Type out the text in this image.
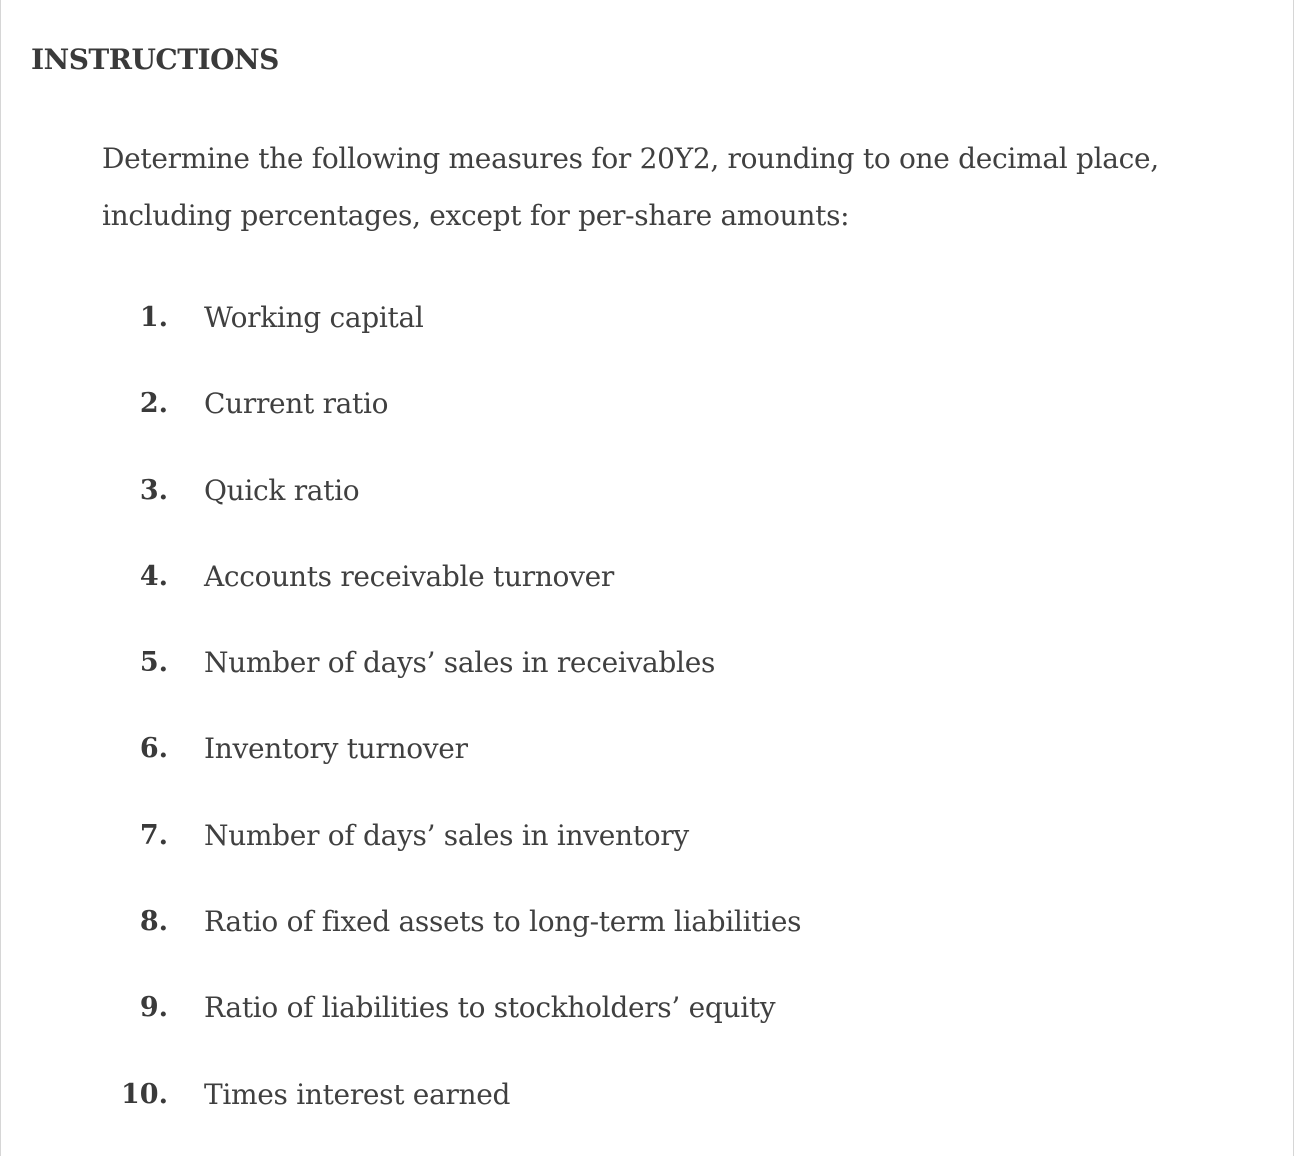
INSTRUCTIONS

Determine the following measures for 20Y2, rounding to one decimal place, including percentages, except for per-share amounts:

1. Working capital
2. Current ratio
3. Quick ratio
4. Accounts receivable turnover
5. Number of days’ sales in receivables
6. Inventory turnover
7. Number of days’ sales in inventory
8. Ratio of fixed assets to long-term liabilities
9. Ratio of liabilities to stockholders’ equity
10. Times interest earned
